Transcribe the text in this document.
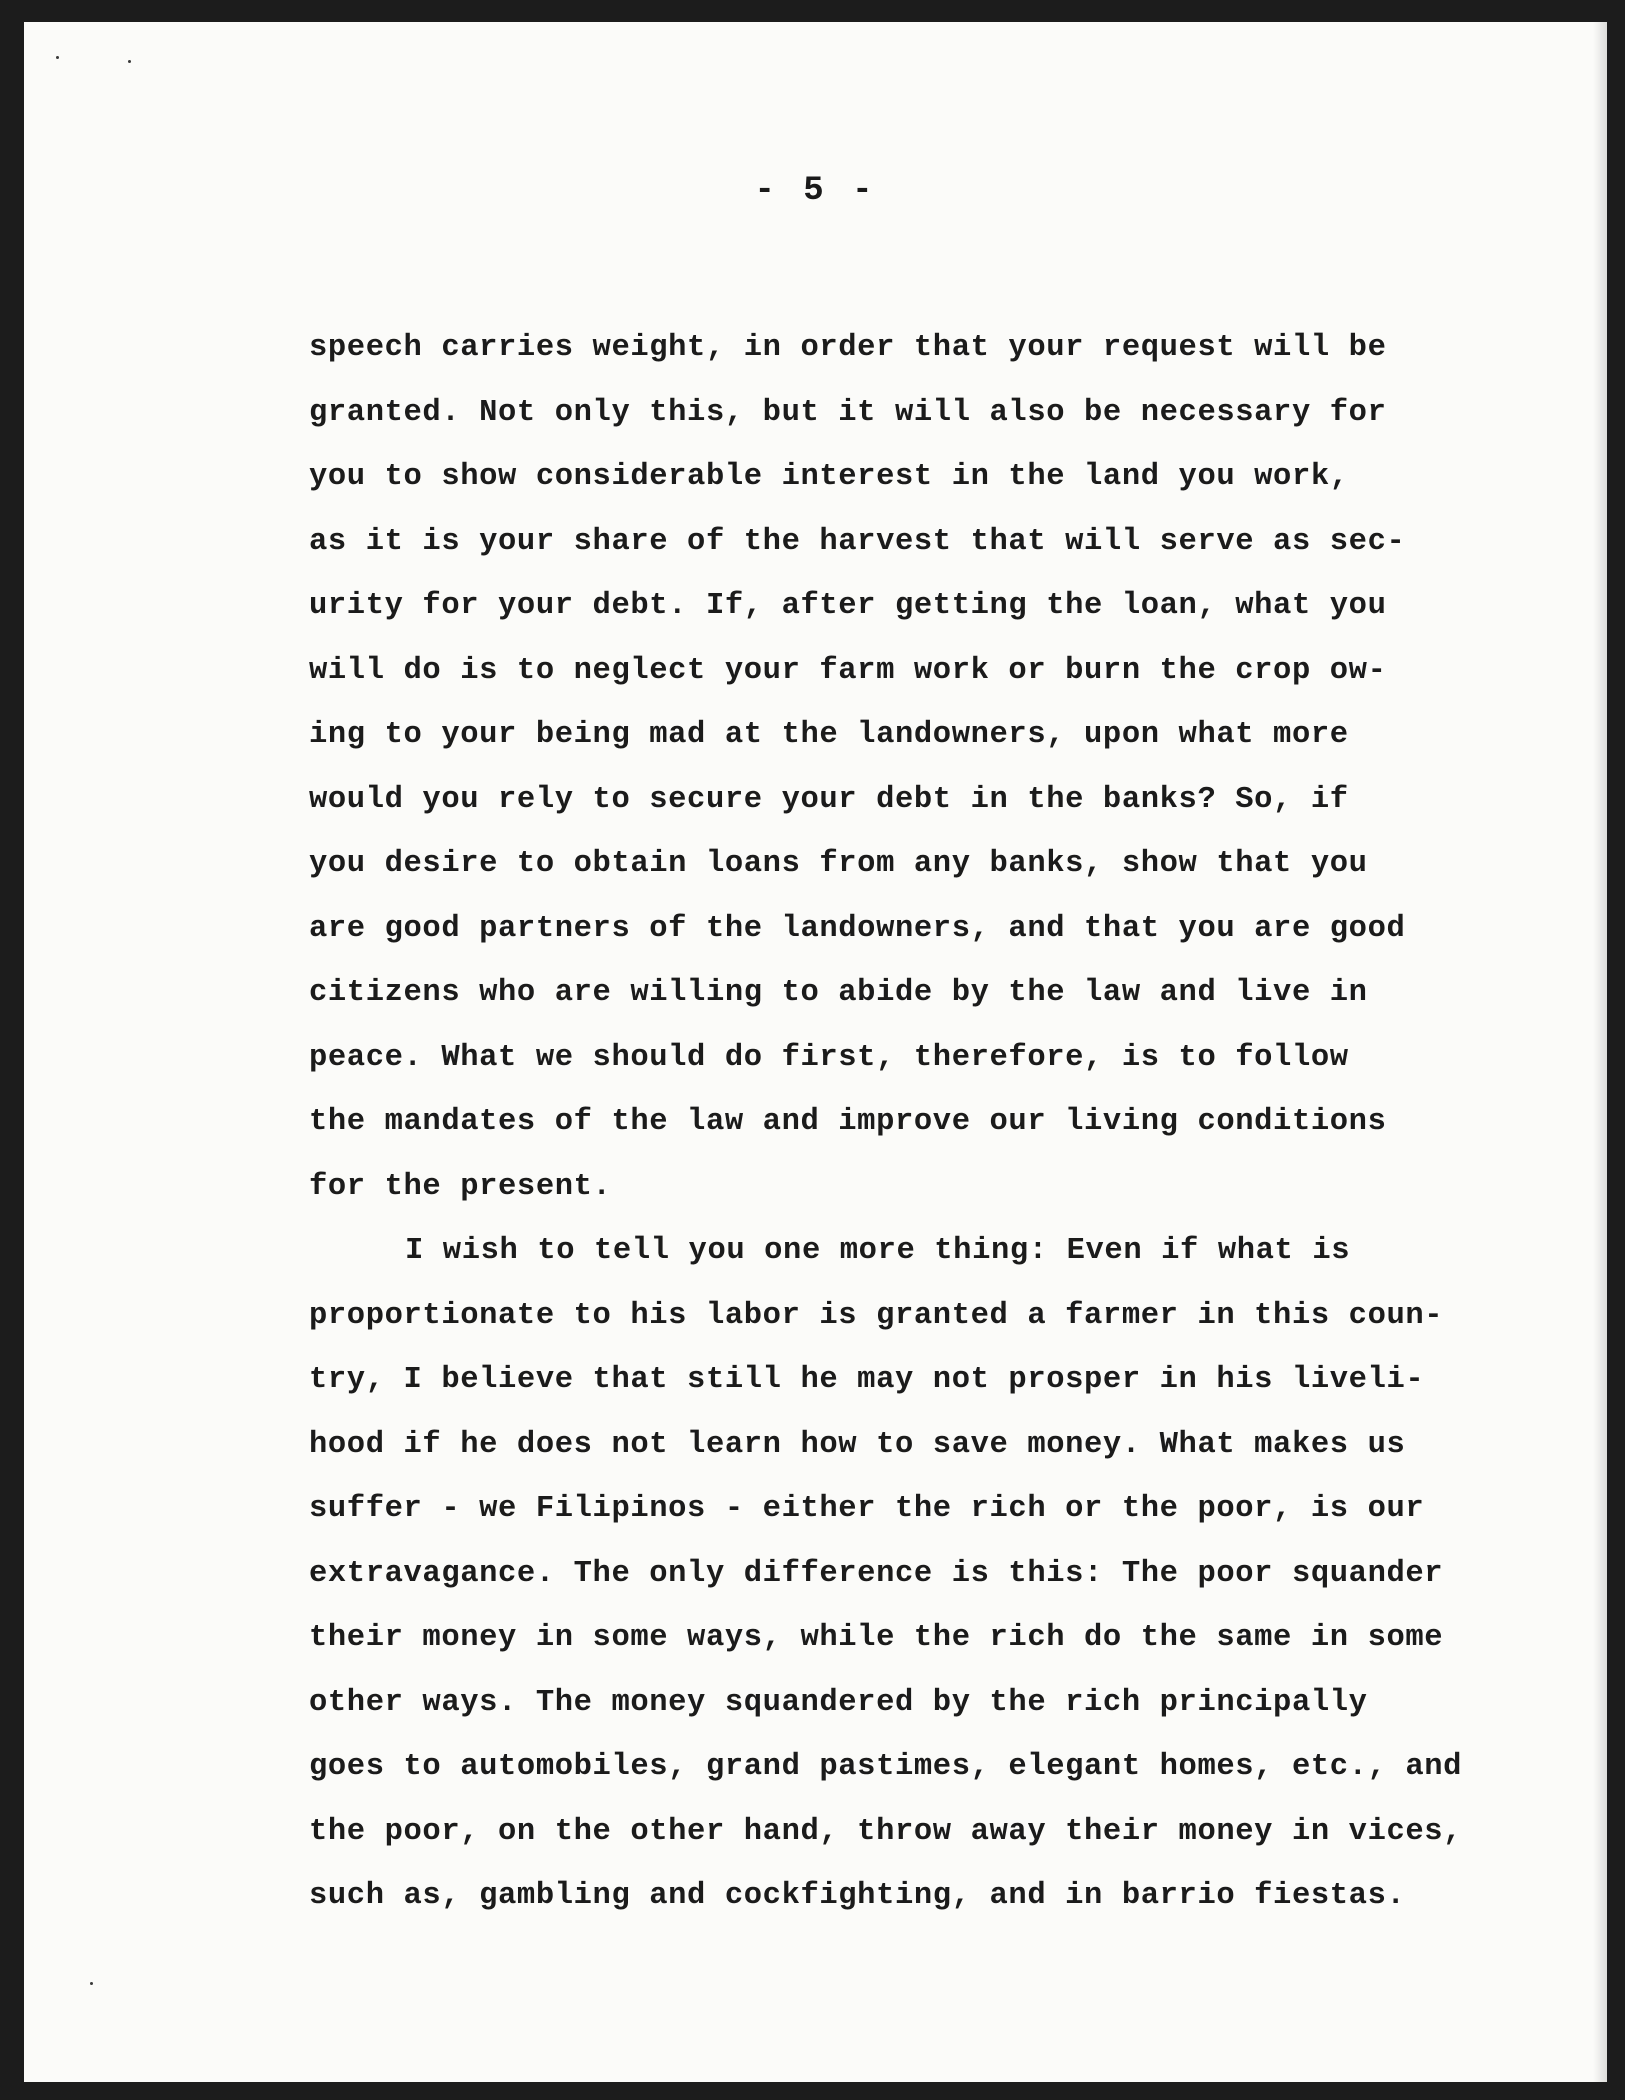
- 5 -
speech carries weight, in order that your request will be
granted. Not only this, but it will also be necessary for
you to show considerable interest in the land you work,
as it is your share of the harvest that will serve as sec-
urity for your debt. If, after getting the loan, what you
will do is to neglect your farm work or burn the crop ow-
ing to your being mad at the landowners, upon what more
would you rely to secure your debt in the banks? So, if
you desire to obtain loans from any banks, show that you
are good partners of the landowners, and that you are good
citizens who are willing to abide by the law and live in
peace. What we should do first, therefore, is to follow
the mandates of the law and improve our living conditions
for the present.
I wish to tell you one more thing: Even if what is
proportionate to his labor is granted a farmer in this coun-
try, I believe that still he may not prosper in his liveli-
hood if he does not learn how to save money. What makes us
suffer - we Filipinos - either the rich or the poor, is our
extravagance. The only difference is this: The poor squander
their money in some ways, while the rich do the same in some
other ways. The money squandered by the rich principally
goes to automobiles, grand pastimes, elegant homes, etc., and
the poor, on the other hand, throw away their money in vices,
such as, gambling and cockfighting, and in barrio fiestas.
